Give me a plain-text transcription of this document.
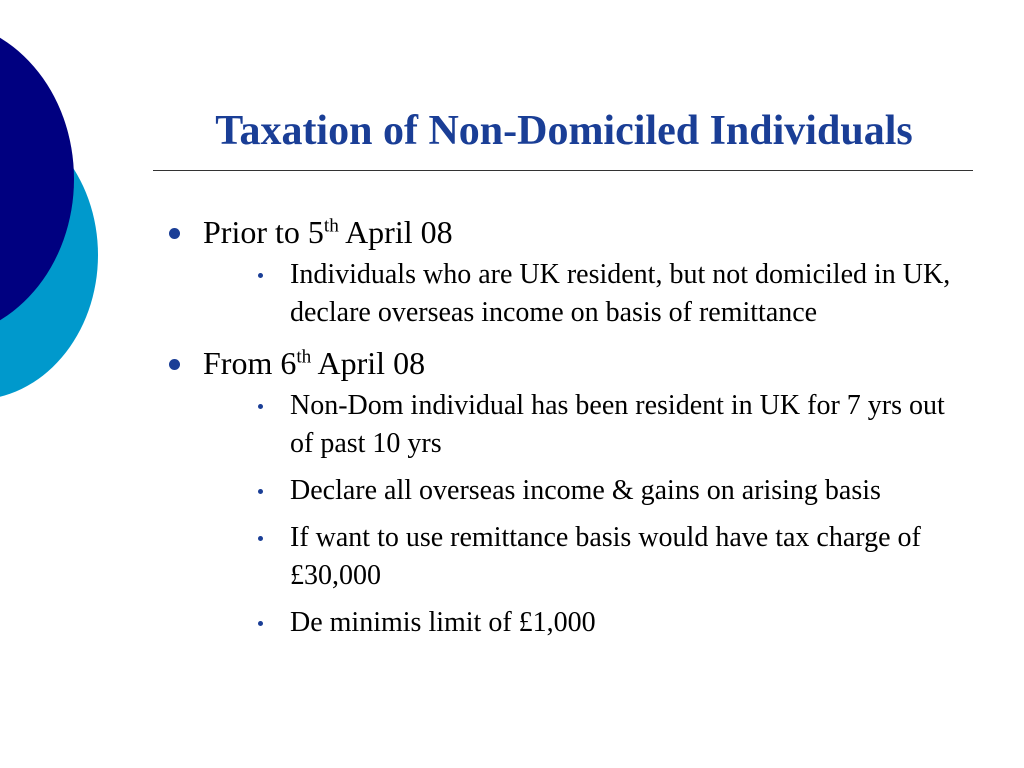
Taxation of Non-Domiciled Individuals
Prior to 5th April 08
Individuals who are UK resident, but not domiciled in UK, declare overseas income on basis of remittance
From 6th April 08
Non-Dom individual has been resident in UK for 7 yrs out of past 10 yrs
Declare all overseas income & gains on arising basis
If want to use remittance basis would have tax charge of £30,000
De minimis limit of £1,000
